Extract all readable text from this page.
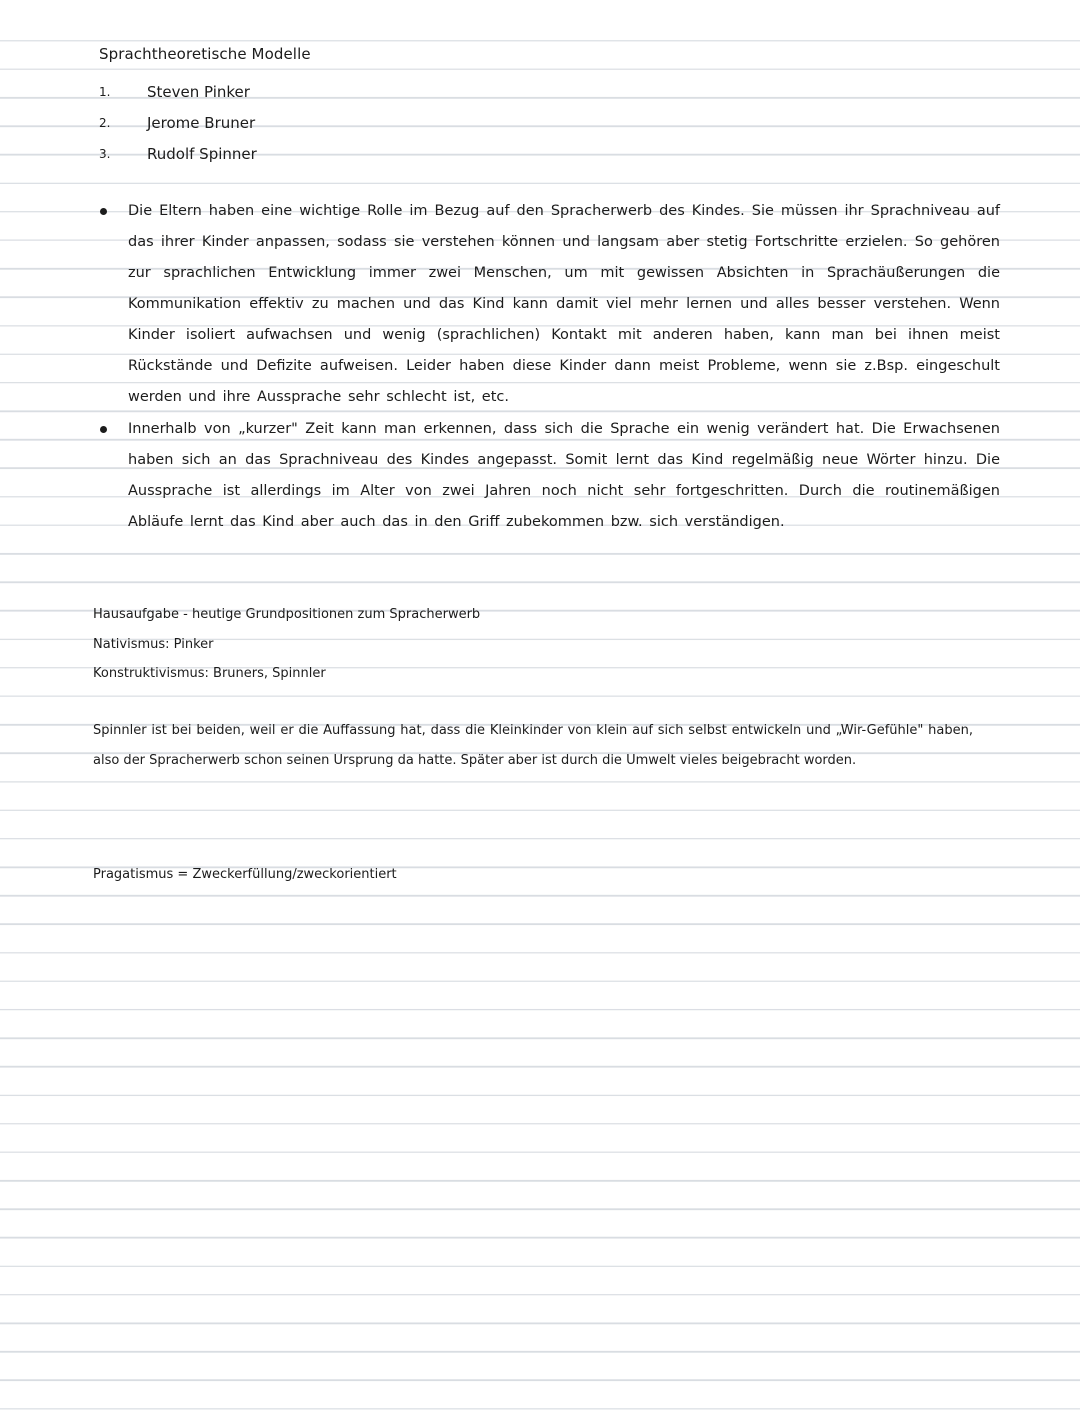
Sprachtheoretische Modelle
1.	Steven Pinker
2.	Jerome Bruner
3.	Rudolf Spinner
Die Eltern haben eine wichtige Rolle im Bezug auf den Spracherwerb des Kindes. Sie müssen ihr Sprachniveau auf das ihrer Kinder anpassen, sodass sie verstehen können und langsam aber stetig Fortschritte erzielen. So gehören zur sprachlichen Entwicklung immer zwei Menschen, um mit gewissen Absichten in Sprachäußerungen die Kommunikation effektiv zu machen und das Kind kann damit viel mehr lernen und alles besser verstehen. Wenn Kinder isoliert aufwachsen und wenig (sprachlichen) Kontakt mit anderen haben, kann man bei ihnen meist Rückstände und Defizite aufweisen. Leider haben diese Kinder dann meist Probleme, wenn sie z.Bsp. eingeschult werden und ihre Aussprache sehr schlecht ist, etc.
Innerhalb von „kurzer" Zeit kann man erkennen, dass sich die Sprache ein wenig verändert hat. Die Erwachsenen haben sich an das Sprachniveau des Kindes angepasst. Somit lernt das Kind regelmäßig neue Wörter hinzu. Die Aussprache ist allerdings im Alter von zwei Jahren noch nicht sehr fortgeschritten. Durch die routinemäßigen Abläufe lernt das Kind aber auch das in den Griff zubekommen bzw. sich verständigen.
Hausaufgabe - heutige Grundpositionen zum Spracherwerb
Nativismus: Pinker
Konstruktivismus: Bruners, Spinnler
Spinnler ist bei beiden, weil er die Auffassung hat, dass die Kleinkinder von klein auf sich selbst entwickeln und „Wir-Gefühle" haben, also der Spracherwerb schon seinen Ursprung da hatte. Später aber ist durch die Umwelt vieles beigebracht worden.
Pragatismus = Zweckerfüllung/zweckorientiert
